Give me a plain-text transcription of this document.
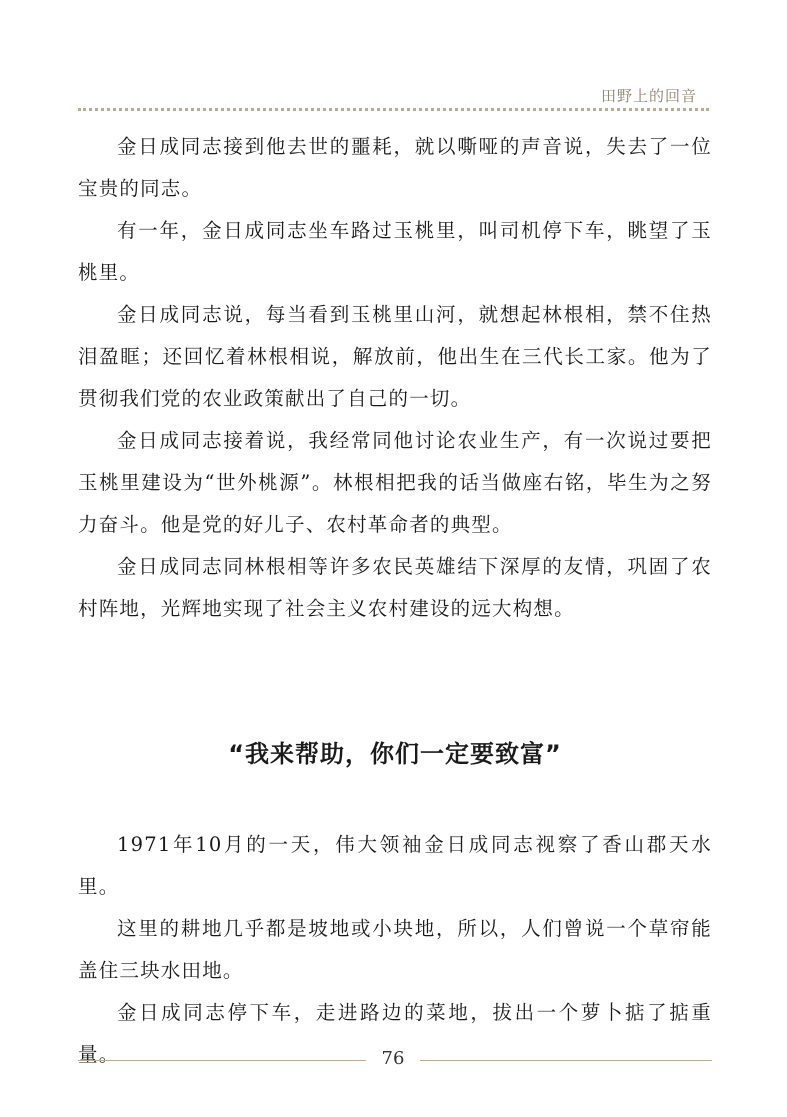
田野上的回音

金日成同志接到他去世的噩耗，就以嘶哑的声音说，失去了一位宝贵的同志。

有一年，金日成同志坐车路过玉桃里，叫司机停下车，眺望了玉桃里。

金日成同志说，每当看到玉桃里山河，就想起林根相，禁不住热泪盈眶；还回忆着林根相说，解放前，他出生在三代长工家。他为了贯彻我们党的农业政策献出了自己的一切。

金日成同志接着说，我经常同他讨论农业生产，有一次说过要把玉桃里建设为“世外桃源”。林根相把我的话当做座右铭，毕生为之努力奋斗。他是党的好儿子、农村革命者的典型。

金日成同志同林根相等许多农民英雄结下深厚的友情，巩固了农村阵地，光辉地实现了社会主义农村建设的远大构想。

“我来帮助，你们一定要致富”

1971年10月的一天，伟大领袖金日成同志视察了香山郡天水里。

这里的耕地几乎都是坡地或小块地，所以，人们曾说一个草帘能盖住三块水田地。

金日成同志停下车，走进路边的菜地，拔出一个萝卜掂了掂重量。	76
